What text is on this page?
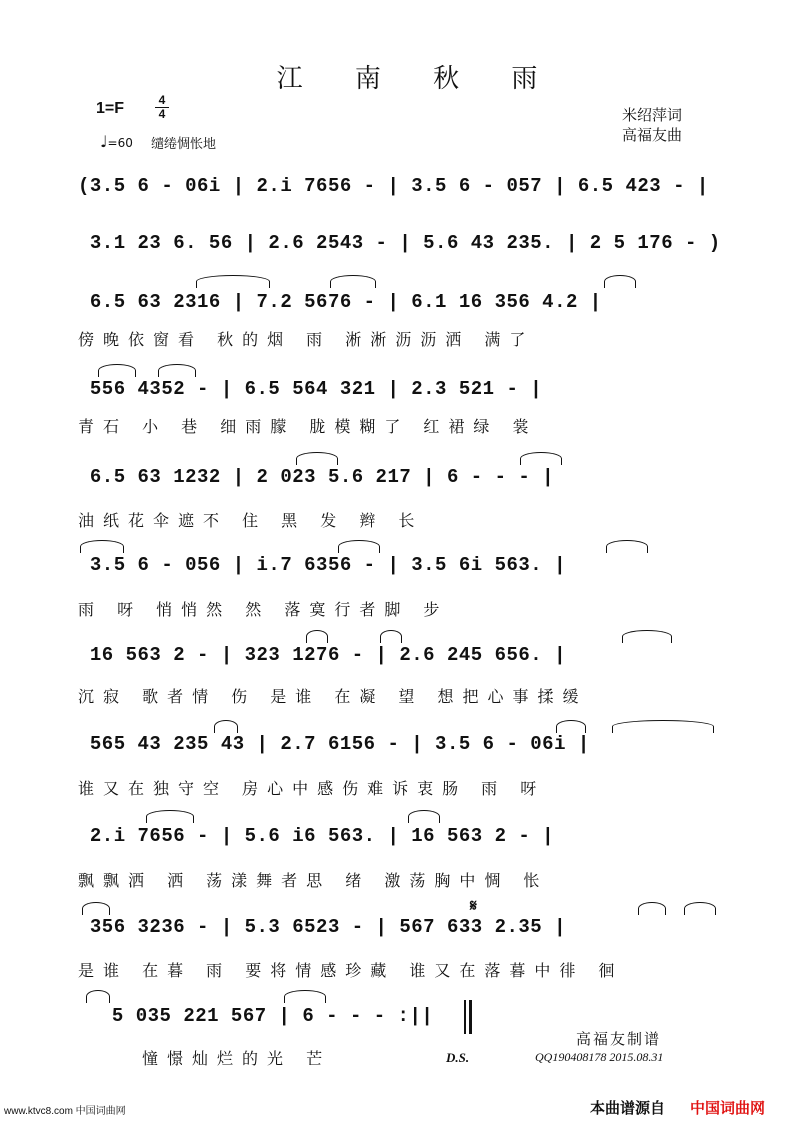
江 南 秋 雨
1=F	4
4
♩=60 缱绻惆怅地
米绍萍词
高福友曲
(3.5 6 - 06i | 2.i 7656 - | 3.5 6 - 057 | 6.5 423 - |
3.1 23 6. 56 | 2.6 2543 - | 5.6 43 235. | 2 5 176 - )
6.5 63 2316 | 7.2 5676 - | 6.1 16 356 4.2 |
傍晚依窗看 秋的烟 雨 淅淅沥沥洒 满了
556 4352 - | 6.5 564 321 | 2.3 521 - |
青石 小 巷 细雨朦 胧模糊了 红裙绿 裳
6.5 63 1232 | 2 023 5.6 217 | 6 - - - |
油纸花伞遮不 住 黑 发 辫 长
3.5 6 - 056 | i.7 6356 - | 3.5 6i 563. |
雨 呀 悄悄然 然 落寞行者脚 步
16 563 2 - | 323 1276 - | 2.6 245 656. |
沉寂 歌者情 伤 是谁 在凝 望 想把心事揉缓
565 43 235 43 | 2.7 6156 - | 3.5 6 - 06i |
谁又在独守空 房心中感伤难诉衷肠 雨 呀
2.i 7656 - | 5.6 i6 563. | 16 563 2 - |
飘飘洒 洒 荡漾舞者思 绪 激荡胸中惆 怅
356 3236 - | 5.3 6523 - | 567 633 2.35 |
是谁 在暮 雨 要将情感珍藏 谁又在落暮中徘 徊
5 035 221 567 | 6 - - - :||
憧憬灿烂的光 芒
𝄋
D.S.
高福友制谱
QQ190408178 2015.08.31
www.ktvc8.com 中国词曲网	本曲谱源自 中国词曲网
